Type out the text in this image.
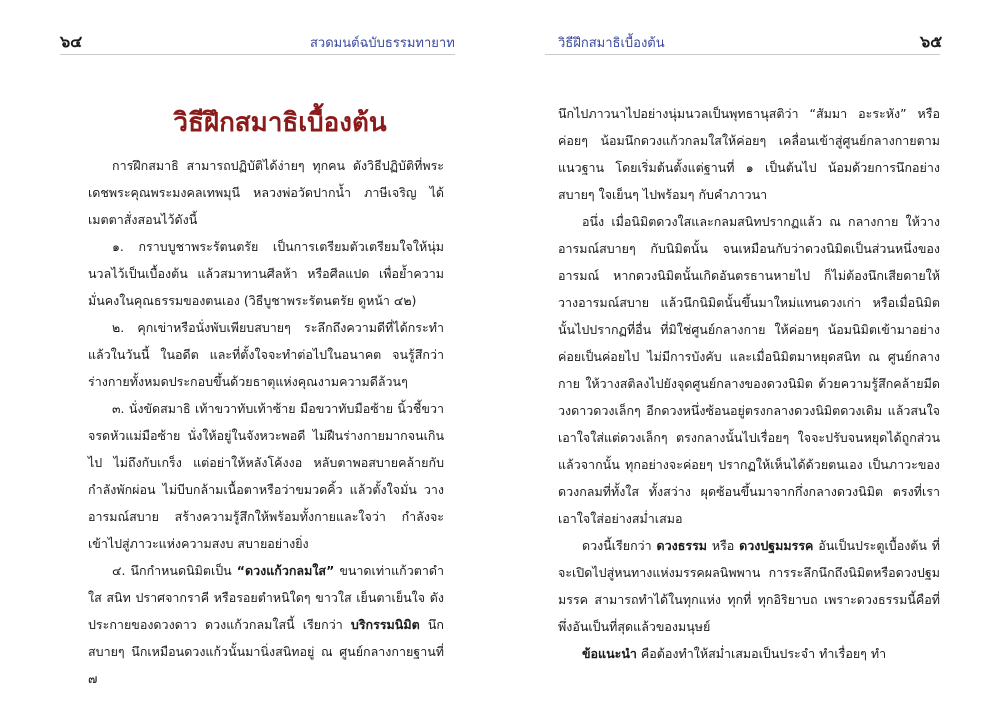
๖๔	สวดมนต์ฉบับธรรมทายาท
วิธีฝึกสมาธิเบื้องต้น

การฝึกสมาธิ สามารถปฏิบัติได้ง่ายๆ ทุกคน ดังวิธีปฏิบัติที่พระเดชพระคุณพระมงคลเทพมุนี หลวงพ่อวัดปากน้ำ ภาษีเจริญ ได้เมตตาสั่งสอนไว้ดังนี้

๑. กราบบูชาพระรัตนตรัย เป็นการเตรียมตัวเตรียมใจให้นุ่มนวลไว้เป็นเบื้องต้น แล้วสมาทานศีลห้า หรือศีลแปด เพื่อย้ำความมั่นคงในคุณธรรมของตนเอง (วิธีบูชาพระรัตนตรัย ดูหน้า ๔๒)

๒. คุกเข่าหรือนั่งพับเพียบสบายๆ ระลึกถึงความดีที่ได้กระทำแล้วในวันนี้ ในอดีต และที่ตั้งใจจะทำต่อไปในอนาคต จนรู้สึกว่าร่างกายทั้งหมดประกอบขึ้นด้วยธาตุแห่งคุณงามความดีล้วนๆ

๓. นั่งขัดสมาธิ เท้าขวาทับเท้าซ้าย มือขวาทับมือซ้าย นิ้วชี้ขวาจรดหัวแม่มือซ้าย นั่งให้อยู่ในจังหวะพอดี ไม่ฝืนร่างกายมากจนเกินไป ไม่ถึงกับเกร็ง แต่อย่าให้หลังโค้งงอ หลับตาพอสบายคล้ายกับกำลังพักผ่อน ไม่บีบกล้ามเนื้อตาหรือว่าขมวดคิ้ว แล้วตั้งใจมั่น วางอารมณ์สบาย สร้างความรู้สึกให้พร้อมทั้งกายและใจว่า กำลังจะเข้าไปสู่ภาวะแห่งความสงบ สบายอย่างยิ่ง

๔. นึกกำหนดนิมิตเป็น “ดวงแก้วกลมใส” ขนาดเท่าแก้วตาดำ ใส สนิท ปราศจากราคี หรือรอยตำหนิใดๆ ขาวใส เย็นตาเย็นใจ ดังประกายของดวงดาว ดวงแก้วกลมใสนี้ เรียกว่า บริกรรมนิมิต นึกสบายๆ นึกเหมือนดวงแก้วนั้นมานิ่งสนิทอยู่ ณ ศูนย์กลางกายฐานที่ ๗

วิธีฝึกสมาธิเบื้องต้น	๖๕

นึกไปภาวนาไปอย่างนุ่มนวลเป็นพุทธานุสติว่า “สัมมา อะระหัง” หรือค่อยๆ น้อมนึกดวงแก้วกลมใสให้ค่อยๆ เคลื่อนเข้าสู่ศูนย์กลางกายตามแนวฐาน โดยเริ่มต้นตั้งแต่ฐานที่ ๑ เป็นต้นไป น้อมด้วยการนึกอย่างสบายๆ ใจเย็นๆ ไปพร้อมๆ กับคำภาวนา

อนึ่ง เมื่อนิมิตดวงใสและกลมสนิทปรากฏแล้ว ณ กลางกาย ให้วางอารมณ์สบายๆ กับนิมิตนั้น จนเหมือนกับว่าดวงนิมิตเป็นส่วนหนึ่งของอารมณ์ หากดวงนิมิตนั้นเกิดอันตรธานหายไป ก็ไม่ต้องนึกเสียดายให้วางอารมณ์สบาย แล้วนึกนิมิตนั้นขึ้นมาใหม่แทนดวงเก่า หรือเมื่อนิมิตนั้นไปปรากฏที่อื่น ที่มิใช่ศูนย์กลางกาย ให้ค่อยๆ น้อมนิมิตเข้ามาอย่างค่อยเป็นค่อยไป ไม่มีการบังคับ และเมื่อนิมิตมาหยุดสนิท ณ ศูนย์กลางกาย ให้วางสติลงไปยังจุดศูนย์กลางของดวงนิมิต ด้วยความรู้สึกคล้ายมีดวงดาวดวงเล็กๆ อีกดวงหนึ่งซ้อนอยู่ตรงกลางดวงนิมิตดวงเดิม แล้วสนใจเอาใจใส่แต่ดวงเล็กๆ ตรงกลางนั้นไปเรื่อยๆ ใจจะปรับจนหยุดได้ถูกส่วน แล้วจากนั้น ทุกอย่างจะค่อยๆ ปรากฏให้เห็นได้ด้วยตนเอง เป็นภาวะของดวงกลมที่ทั้งใส ทั้งสว่าง ผุดซ้อนขึ้นมาจากกึ่งกลางดวงนิมิต ตรงที่เราเอาใจใส่อย่างสม่ำเสมอ

ดวงนี้เรียกว่า ดวงธรรม หรือ ดวงปฐมมรรค อันเป็นประตูเบื้องต้น ที่จะเปิดไปสู่หนทางแห่งมรรคผลนิพพาน การระลึกนึกถึงนิมิตหรือดวงปฐมมรรค สามารถทำได้ในทุกแห่ง ทุกที่ ทุกอิริยาบถ เพราะดวงธรรมนี้คือที่พึ่งอันเป็นที่สุดแล้วของมนุษย์

ข้อแนะนำ คือต้องทำให้สม่ำเสมอเป็นประจำ ทำเรื่อยๆ ทำ
